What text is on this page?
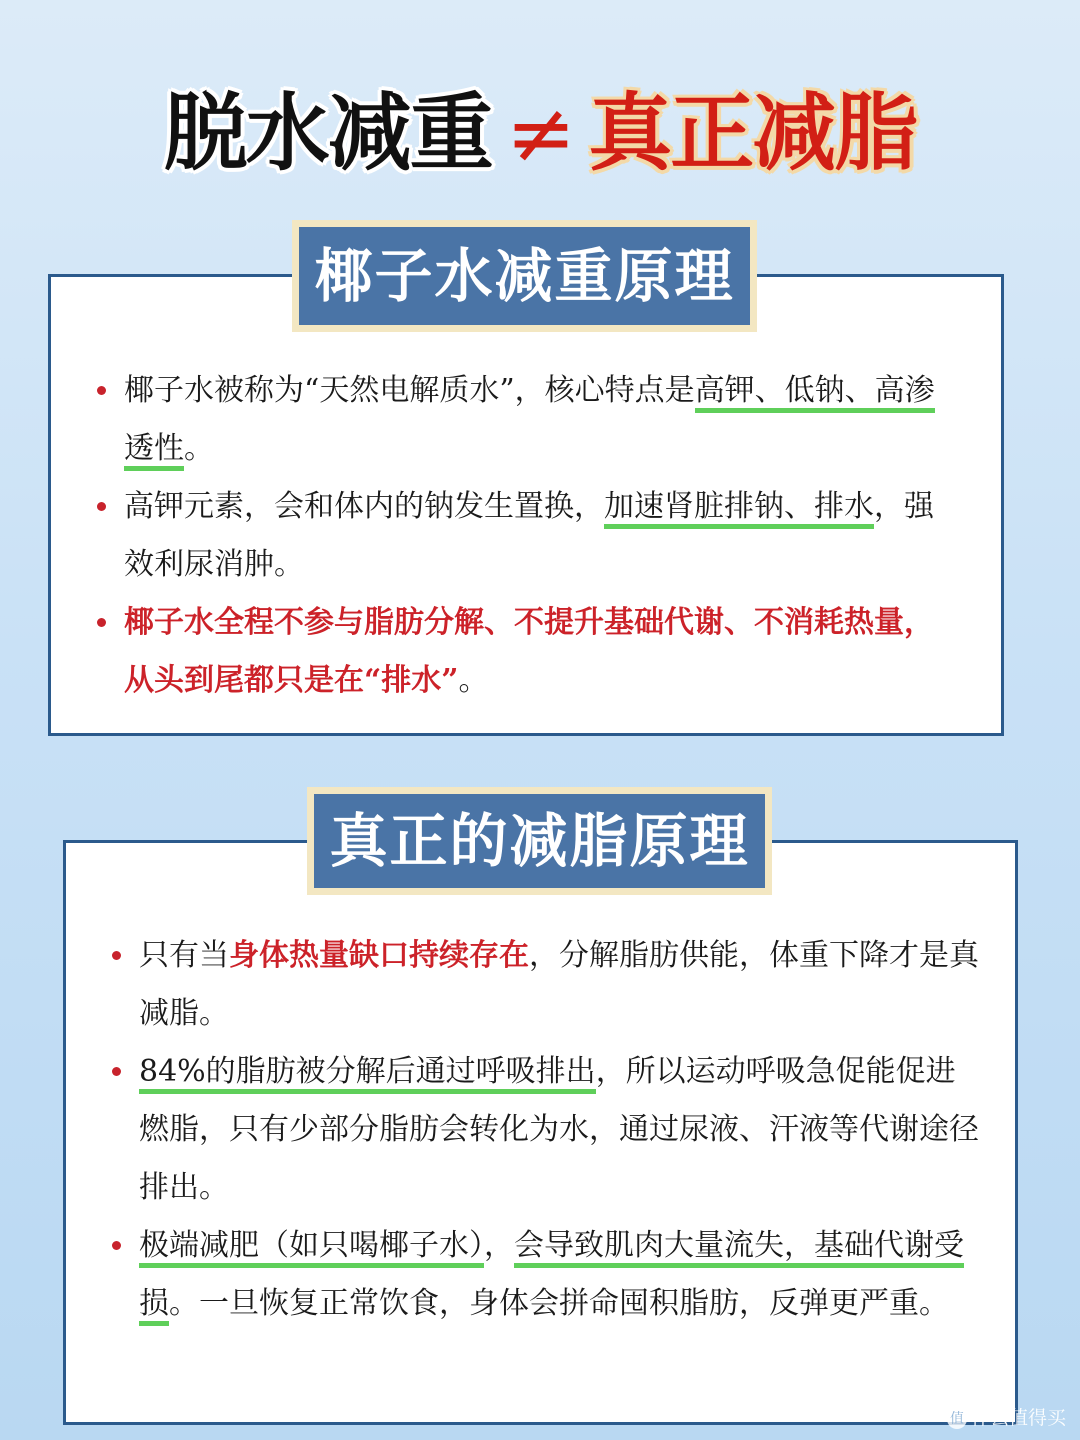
脱水减重 ≠ 真正减脂
椰子水减重原理
椰子水被称为“天然电解质水”，核心特点是高钾、低钠、高渗透性。
高钾元素，会和体内的钠发生置换，加速肾脏排钠、排水，强效利尿消肿。
椰子水全程不参与脂肪分解、不提升基础代谢、不消耗热量，从头到尾都只是在“排水”。
真正的减脂原理
只有当身体热量缺口持续存在，分解脂肪供能，体重下降才是真减脂。
84%的脂肪被分解后通过呼吸排出，所以运动呼吸急促能促进燃脂，只有少部分脂肪会转化为水，通过尿液、汗液等代谢途径排出。
极端减肥（如只喝椰子水），会导致肌肉大量流失，基础代谢受损。一旦恢复正常饮食，身体会拼命囤积脂肪，反弹更严重。
值 什么值得买
